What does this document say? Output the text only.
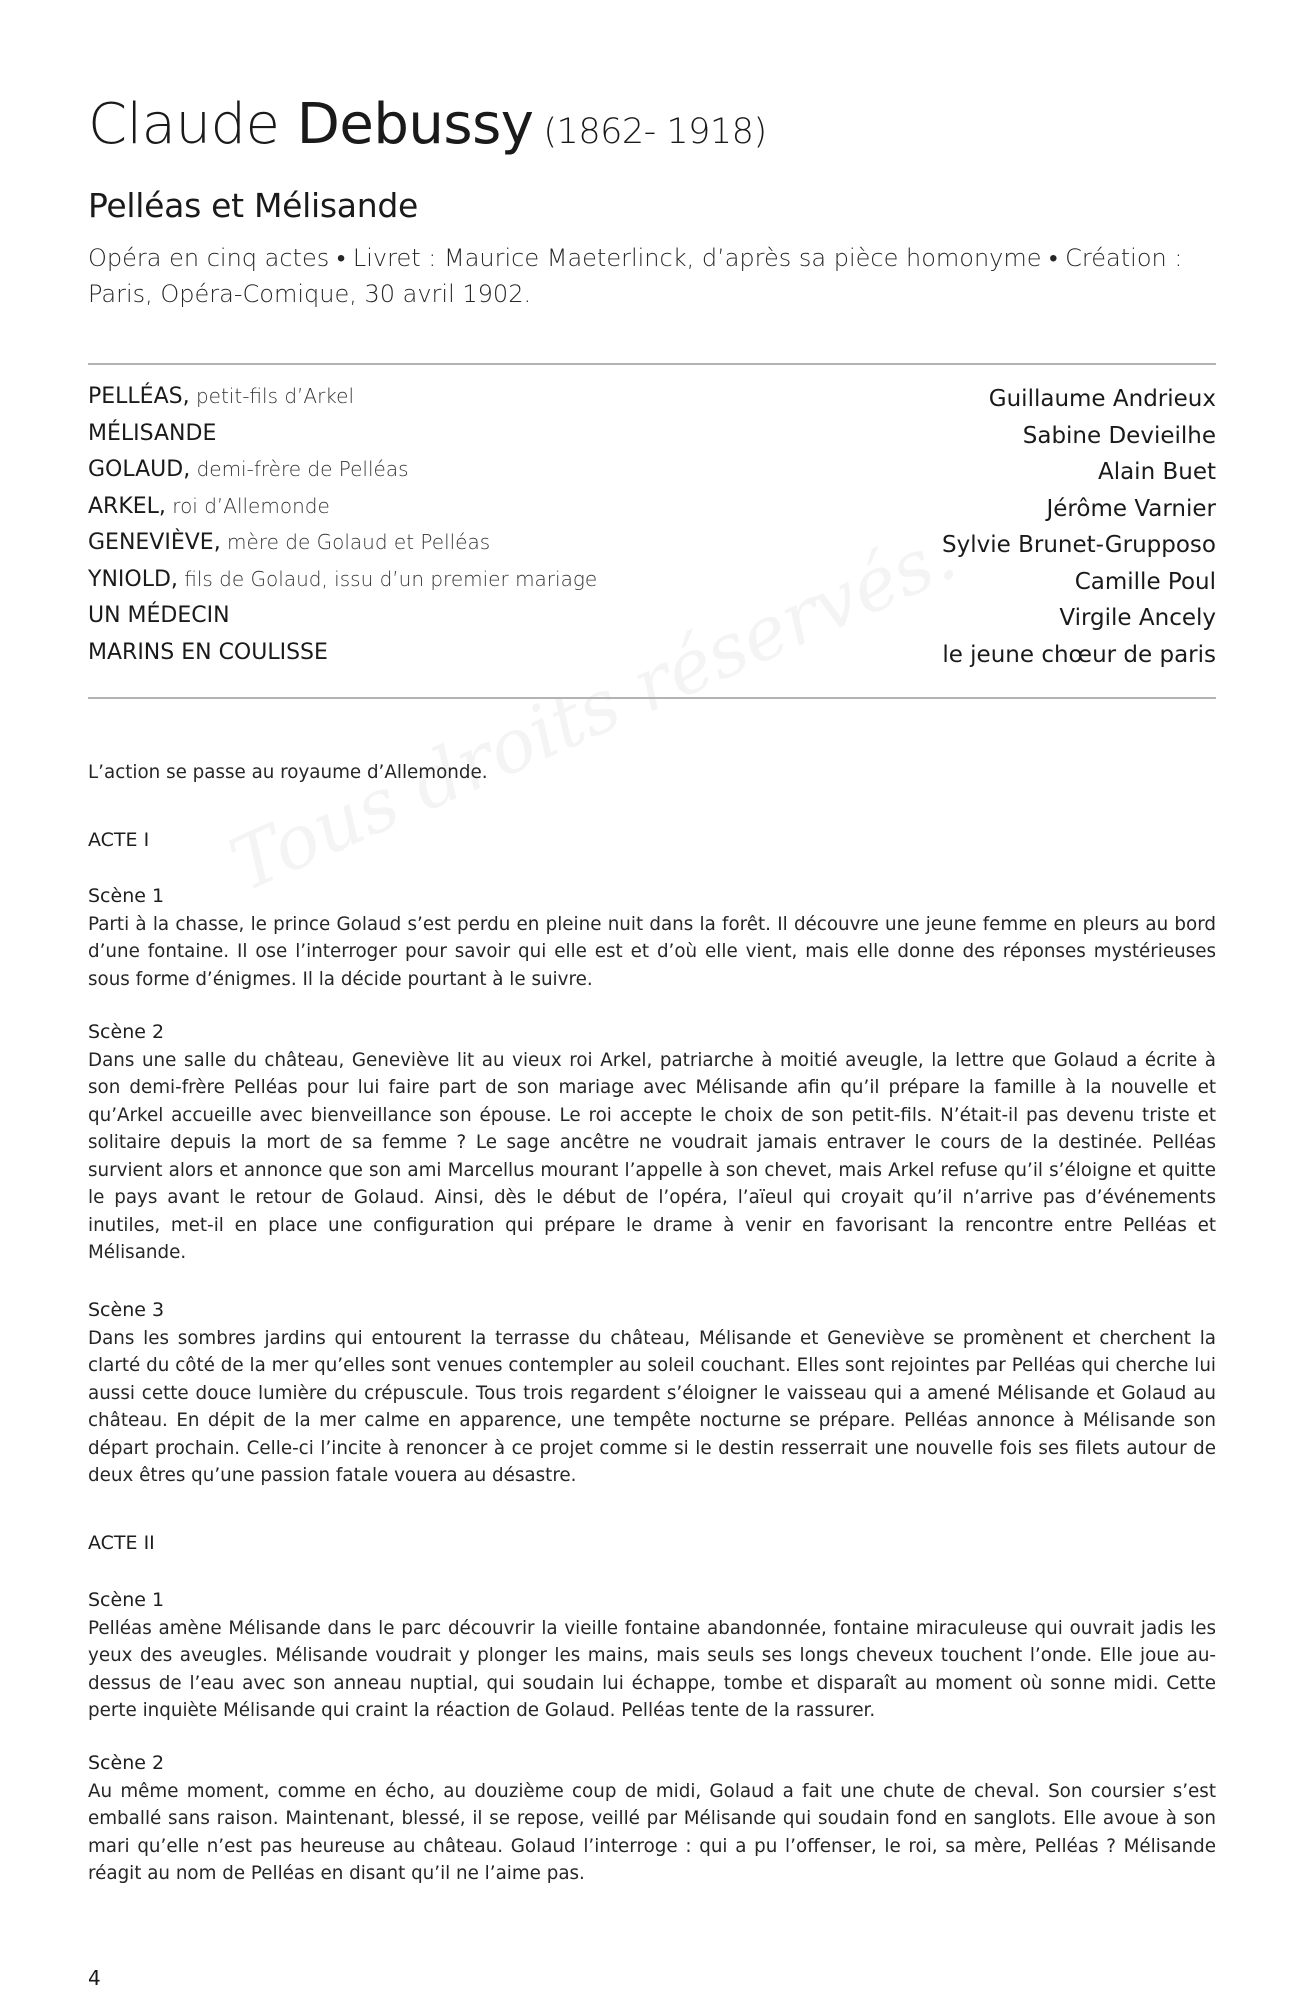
Claude Debussy (1862- 1918)
Pelléas et Mélisande

Opéra en cinq actes • Livret : Maurice Maeterlinck, d’après sa pièce homonyme • Création : Paris, Opéra-Comique, 30 avril 1902.

PELLÉAS, petit-fils d’Arkel	Guillaume Andrieux
MÉLISANDE	Sabine Devieilhe
GOLAUD, demi-frère de Pelléas	Alain Buet
ARKEL, roi d’Allemonde	Jérôme Varnier
GENEVIÈVE, mère de Golaud et Pelléas	Sylvie Brunet-Grupposo
YNIOLD, fils de Golaud, issu d’un premier mariage	Camille Poul
UN MÉDECIN	Virgile Ancely
MARINS EN COULISSE	le jeune chœur de paris

L’action se passe au royaume d’Allemonde.

ACTE I

Scène 1

Parti à la chasse, le prince Golaud s’est perdu en pleine nuit dans la forêt. Il découvre une jeune femme en pleurs au bord d’une fontaine. Il ose l’interroger pour savoir qui elle est et d’où elle vient, mais elle donne des réponses mystérieuses sous forme d’énigmes. Il la décide pourtant à le suivre.

Scène 2

Dans une salle du château, Geneviève lit au vieux roi Arkel, patriarche à moitié aveugle, la lettre que Golaud a écrite à son demi-frère Pelléas pour lui faire part de son mariage avec Mélisande afin qu’il prépare la famille à la nouvelle et qu’Arkel accueille avec bienveillance son épouse. Le roi accepte le choix de son petit-fils. N’était-il pas devenu triste et solitaire depuis la mort de sa femme ? Le sage ancêtre ne voudrait jamais entraver le cours de la destinée. Pelléas survient alors et annonce que son ami Marcellus mourant l’appelle à son chevet, mais Arkel refuse qu’il s’éloigne et quitte le pays avant le retour de Golaud. Ainsi, dès le début de l’opéra, l’aïeul qui croyait qu’il n’arrive pas d’événements inutiles, met-il en place une configuration qui prépare le drame à venir en favorisant la rencontre entre Pelléas et Mélisande.

Scène 3

Dans les sombres jardins qui entourent la terrasse du château, Mélisande et Geneviève se promènent et cherchent la clarté du côté de la mer qu’elles sont venues contempler au soleil couchant. Elles sont rejointes par Pelléas qui cherche lui aussi cette douce lumière du crépuscule. Tous trois regardent s’éloigner le vaisseau qui a amené Mélisande et Golaud au château. En dépit de la mer calme en apparence, une tempête nocturne se prépare. Pelléas annonce à Mélisande son départ prochain. Celle-ci l’incite à renoncer à ce projet comme si le destin resserrait une nouvelle fois ses filets autour de deux êtres qu’une passion fatale vouera au désastre.

ACTE II

Scène 1

Pelléas amène Mélisande dans le parc découvrir la vieille fontaine abandonnée, fontaine miraculeuse qui ouvrait jadis les yeux des aveugles. Mélisande voudrait y plonger les mains, mais seuls ses longs cheveux touchent l’onde. Elle joue au-dessus de l’eau avec son anneau nuptial, qui soudain lui échappe, tombe et disparaît au moment où sonne midi. Cette perte inquiète Mélisande qui craint la réaction de Golaud. Pelléas tente de la rassurer.

Scène 2

Au même moment, comme en écho, au douzième coup de midi, Golaud a fait une chute de cheval. Son coursier s’est emballé sans raison. Maintenant, blessé, il se repose, veillé par Mélisande qui soudain fond en sanglots. Elle avoue à son mari qu’elle n’est pas heureuse au château. Golaud l’interroge : qui a pu l’offenser, le roi, sa mère, Pelléas ? Mélisande réagit au nom de Pelléas en disant qu’il ne l’aime pas.

4
